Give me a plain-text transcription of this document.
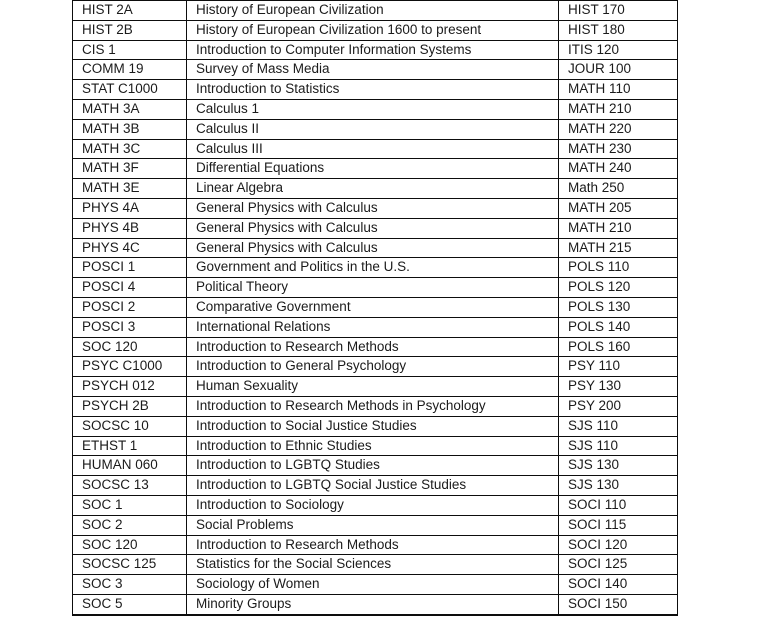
HIST 2A	History of European Civilization	HIST 170
HIST 2B	History of European Civilization 1600 to present	HIST 180
CIS 1	Introduction to Computer Information Systems	ITIS 120
COMM 19	Survey of Mass Media	JOUR 100
STAT C1000	Introduction to Statistics	MATH 110
MATH 3A	Calculus 1	MATH 210
MATH 3B	Calculus II	MATH 220
MATH 3C	Calculus III	MATH 230
MATH 3F	Differential Equations	MATH 240
MATH 3E	Linear Algebra	Math 250
PHYS 4A	General Physics with Calculus	MATH 205
PHYS 4B	General Physics with Calculus	MATH 210
PHYS 4C	General Physics with Calculus	MATH 215
POSCI 1	Government and Politics in the U.S.	POLS 110
POSCI 4	Political Theory	POLS 120
POSCI 2	Comparative Government	POLS 130
POSCI 3	International Relations	POLS 140
SOC 120	Introduction to Research Methods	POLS 160
PSYC C1000	Introduction to General Psychology	PSY 110
PSYCH 012	Human Sexuality	PSY 130
PSYCH 2B	Introduction to Research Methods in Psychology	PSY 200
SOCSC 10	Introduction to Social Justice Studies	SJS 110
ETHST 1	Introduction to Ethnic Studies	SJS 110
HUMAN 060	Introduction to LGBTQ Studies	SJS 130
SOCSC 13	Introduction to LGBTQ Social Justice Studies	SJS 130
SOC 1	Introduction to Sociology	SOCI 110
SOC 2	Social Problems	SOCI 115
SOC 120	Introduction to Research Methods	SOCI 120
SOCSC 125	Statistics for the Social Sciences	SOCI 125
SOC 3	Sociology of Women	SOCI 140
SOC 5	Minority Groups	SOCI 150
